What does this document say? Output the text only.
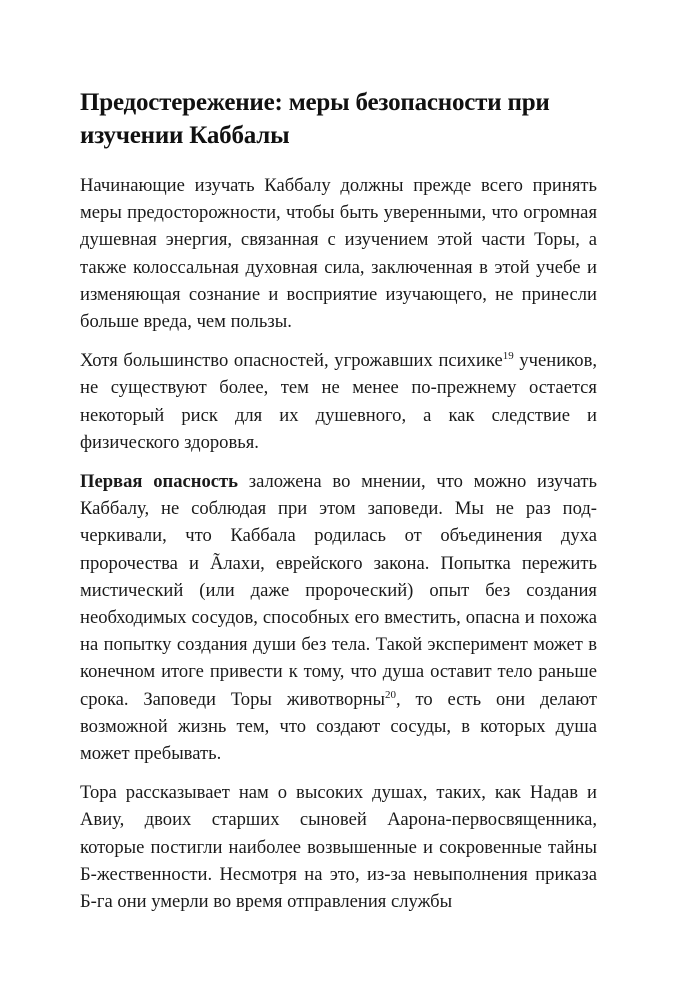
Предостережение: меры безопасности при изучении Каббалы

Начинающие изучать Каббалу должны прежде всего принять меры предосторожности, чтобы быть уверенными, что огромная душевная энергия, связанная с изучением этой части Торы, а также колоссальная духовная сила, заключенная в этой учебе и изменяющая сознание и восприятие изучающего, не принесли больше вреда, чем пользы.

Хотя большинство опасностей, угрожавших психике$^{19}$ учеников, не существуют более, тем не менее по-прежнему остается некоторый риск для их душевного, а как следствие и физического здоровья.

Первая опасность заложена во мнении, что можно изучать Каббалу, не соблюдая при этом заповеди. Мы не раз подчеркивали, что Каббала родилась от объединения духа пророчества и Ãлахи, еврейского закона. Попытка пережить мистический (или даже пророческий) опыт без создания необходимых сосудов, способных его вместить, опасна и похожа на попытку создания души без тела. Такой эксперимент может в конечном итоге привести к тому, что душа оставит тело раньше срока. Заповеди Торы животворны$^{20}$, то есть они делают возможной жизнь тем, что создают сосуды, в которых душа может пребывать.

Тора рассказывает нам о высоких душах, таких, как Надав и Авиу, двоих старших сыновей Аарона-первосвященника, которые постигли наиболее возвышенные и сокровенные тайны Б-жественности. Несмотря на это, из-за невыполнения приказа Б-га они умерли во время отправления службы
